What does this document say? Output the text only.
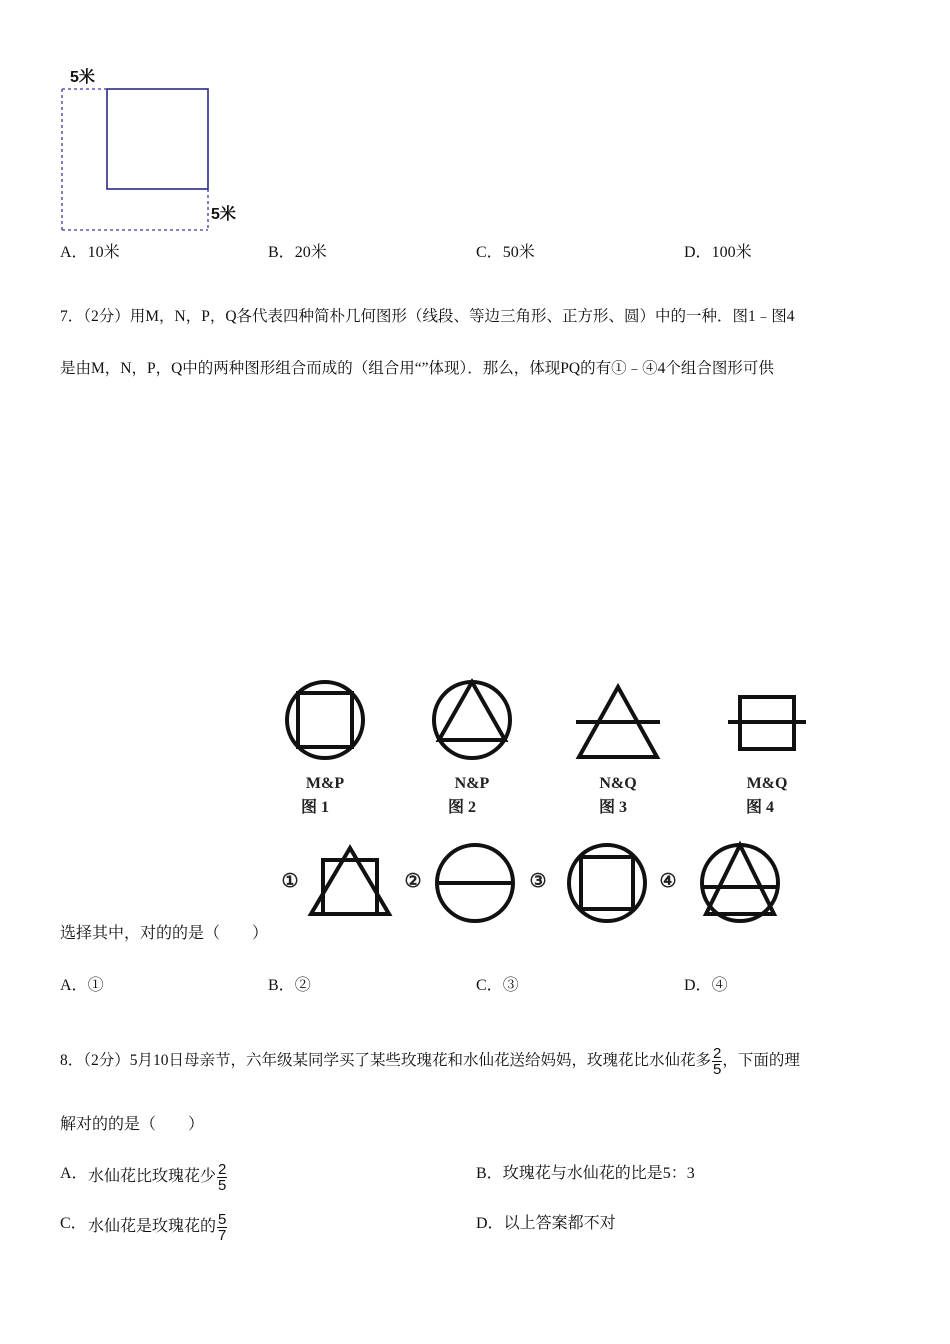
5米
5米
A．10米	B．20米	C．50米	D．100米
7．（2分）用M，N，P，Q各代表四种简朴几何图形（线段、等边三角形、正方形、圆）中的一种．图1﹣图4
是由M，N，P，Q中的两种图形组合而成的（组合用“”体现）．那么，体现PQ的有①﹣④4个组合图形可供
M&P	N&P	N&Q	M&Q
图 1	图 2	图 3	图 4
①	②	③	④
选择其中，对的的是（　　）
A．①	B．②	C．③	D．④
8．（2分）5月10日母亲节，六年级某同学买了某些玫瑰花和水仙花送给妈妈，玫瑰花比水仙花多 $\frac{2}{5}$ ，下面的理
解对的的是（　　）
A． 水仙花比玫瑰花少 $\frac{2}{5}$	B．玫瑰花与水仙花的比是5：3
C． 水仙花是玫瑰花的 $\frac{5}{7}$	D．以上答案都不对
